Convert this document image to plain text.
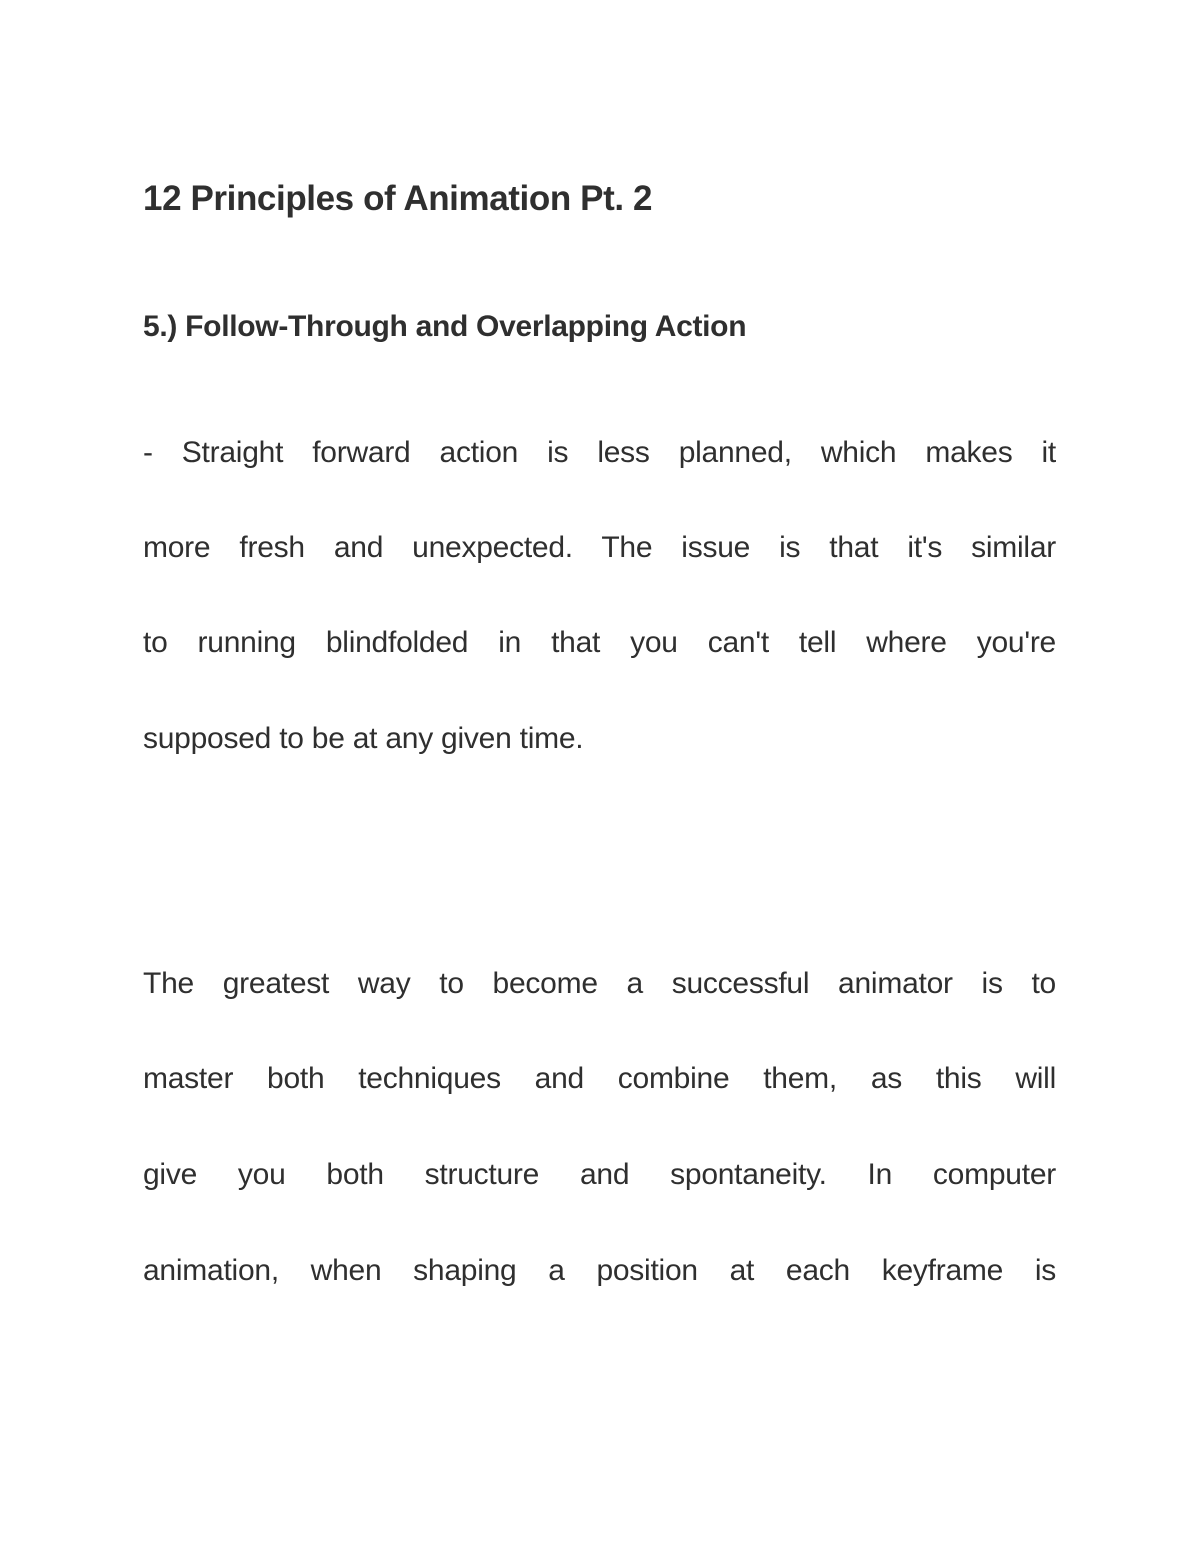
12 Principles of Animation Pt. 2
5.) Follow-Through and Overlapping Action

- Straight forward action is less planned, which makes it

more fresh and unexpected. The issue is that it's similar

to running blindfolded in that you can't tell where you're

supposed to be at any given time.

The greatest way to become a successful animator is to

master both techniques and combine them, as this will

give you both structure and spontaneity. In computer

animation, when shaping a position at each keyframe is
